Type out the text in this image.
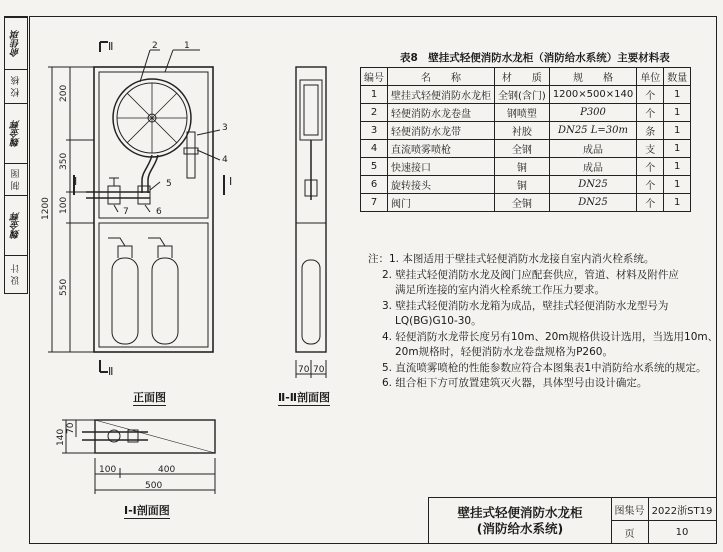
俞佳琪
校 核
魏金辉
制 图
魏金辉
设 计
Ⅱ
Ⅱ
Ⅰ	Ⅰ
2	1
3
4
5
6
7
200
350
100
550
1200
70 70
140
70
100	400
500
正面图	Ⅱ-Ⅱ剖面图
Ⅰ-Ⅰ剖面图
表8　壁挂式轻便消防水龙柜（消防给水系统）主要材料表
编号	名　　称	材　　质	规　　格	单位	数量
1	壁挂式轻便消防水龙柜	全钢(含门)	1200×500×140	个	1
2	轻便消防水龙卷盘	钢喷塑	P300	个	1
3	轻便消防水龙带	衬胶	DN25 L=30m	条	1
4	直流喷雾喷枪	全钢	成品	支	1
5	快速接口	铜	成品	个	1
6	旋转接头	铜	DN25	个	1
7	阀门	全铜	DN25	个	1
注：1. 本图适用于壁挂式轻便消防水龙接自室内消火栓系统。
2. 壁挂式轻便消防水龙及阀门应配套供应，管道、材料及附件应
满足所连接的室内消火栓系统工作压力要求。
3. 壁挂式轻便消防水龙箱为成品，壁挂式轻便消防水龙型号为
LQ(BG)G10-30。
4. 轻便消防水龙带长度另有10m、20m规格供设计选用，当选用10m、
20m规格时，轻便消防水龙卷盘规格为P260。
5. 直流喷雾喷枪的性能参数应符合本图集表1中消防给水系统的规定。
6. 组合柜下方可放置建筑灭火器，具体型号由设计确定。
壁挂式轻便消防水龙柜
(消防给水系统)
图集号 2022浙ST19
页	10
